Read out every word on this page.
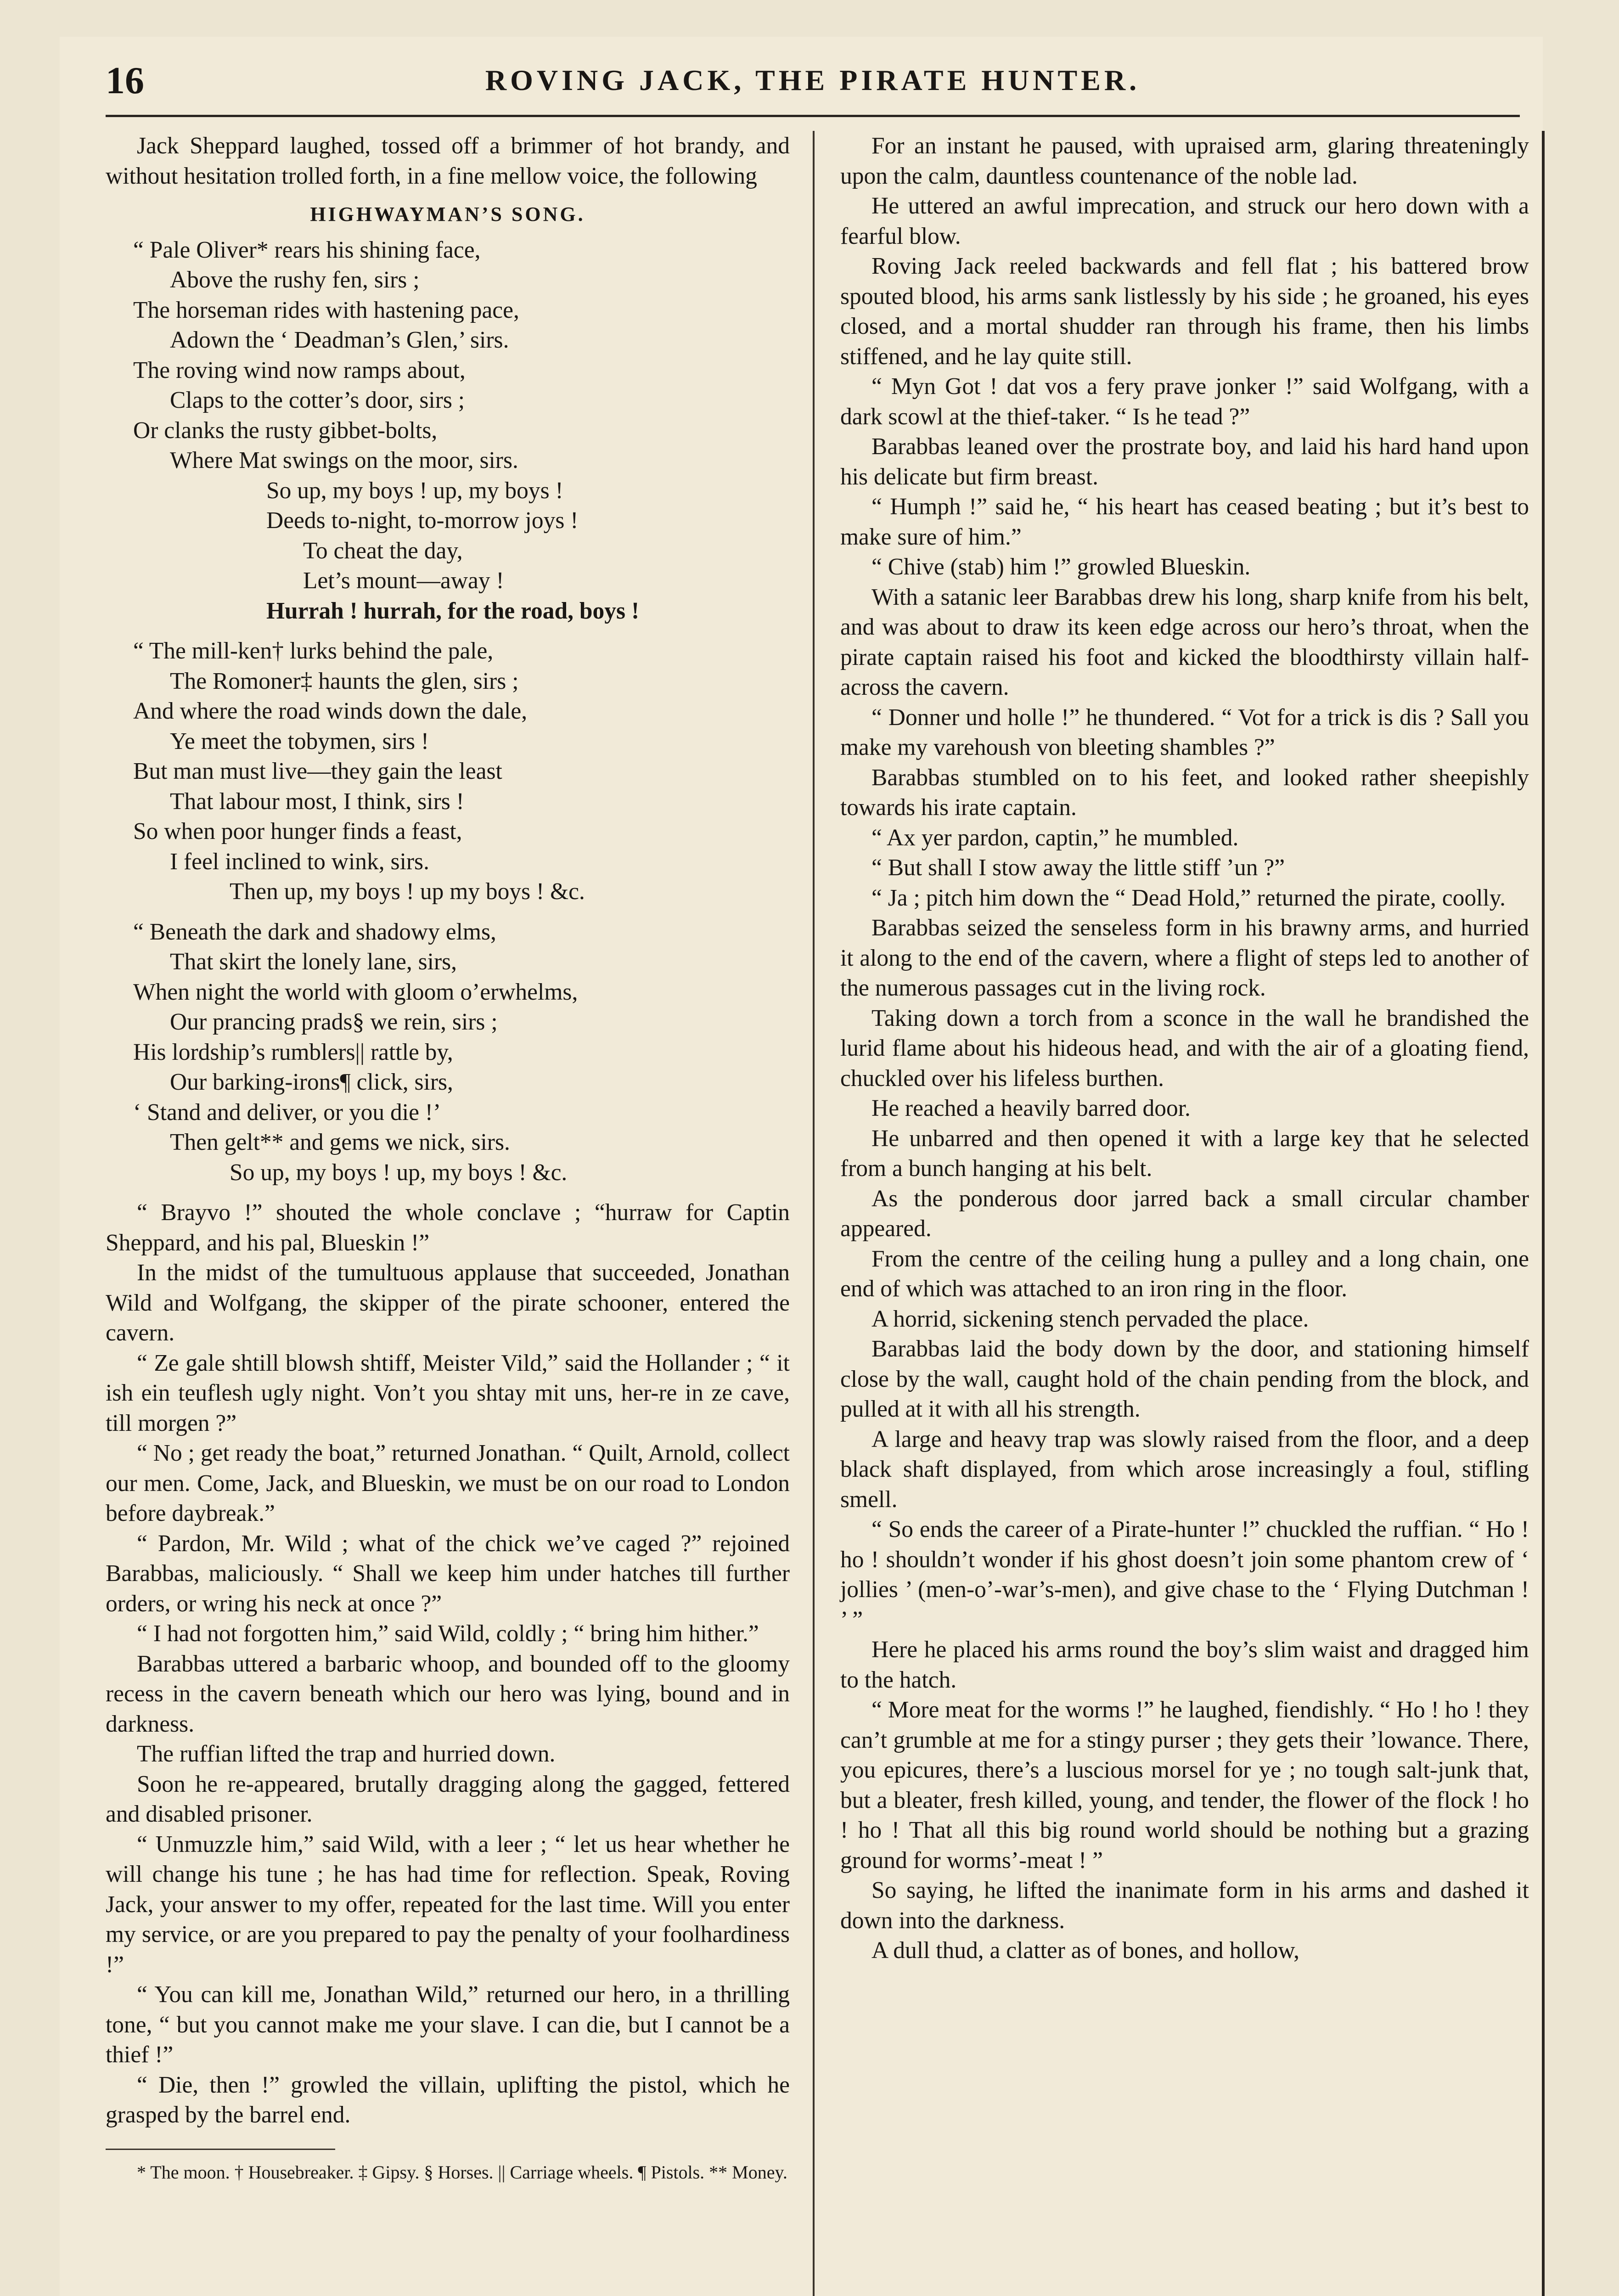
16	ROVING JACK, THE PIRATE HUNTER.

Jack Sheppard laughed, tossed off a brimmer of hot brandy, and without hesitation trolled forth, in a fine mellow voice, the following

HIGHWAYMAN’S SONG.
“ Pale Oliver* rears his shining face,
Above the rushy fen, sirs ;
The horseman rides with hastening pace,
Adown the ‘ Deadman’s Glen,’ sirs.
The roving wind now ramps about,
Claps to the cotter’s door, sirs ;
Or clanks the rusty gibbet-bolts,
Where Mat swings on the moor, sirs.
So up, my boys ! up, my boys !
Deeds to-night, to-morrow joys !
To cheat the day,
Let’s mount—away !
Hurrah ! hurrah, for the road, boys !
“ The mill-ken† lurks behind the pale,
The Romoner‡ haunts the glen, sirs ;
And where the road winds down the dale,
Ye meet the tobymen, sirs !
But man must live—they gain the least
That labour most, I think, sirs !
So when poor hunger finds a feast,
I feel inclined to wink, sirs.
Then up, my boys ! up my boys ! &c.
“ Beneath the dark and shadowy elms,
That skirt the lonely lane, sirs,
When night the world with gloom o’erwhelms,
Our prancing prads§ we rein, sirs ;
His lordship’s rumblers|| rattle by,
Our barking-irons¶ click, sirs,
‘ Stand and deliver, or you die !’
Then gelt** and gems we nick, sirs.
So up, my boys ! up, my boys ! &c.

“ Brayvo !” shouted the whole conclave ; “hurraw for Captin Sheppard, and his pal, Blueskin !”

In the midst of the tumultuous applause that succeeded, Jonathan Wild and Wolfgang, the skipper of the pirate schooner, entered the cavern.

“ Ze gale shtill blowsh shtiff, Meister Vild,” said the Hollander ; “ it ish ein teuflesh ugly night. Von’t you shtay mit uns, her-re in ze cave, till morgen ?”

“ No ; get ready the boat,” returned Jonathan. “ Quilt, Arnold, collect our men. Come, Jack, and Blueskin, we must be on our road to London before daybreak.”

“ Pardon, Mr. Wild ; what of the chick we’ve caged ?” rejoined Barabbas, maliciously. “ Shall we keep him under hatches till further orders, or wring his neck at once ?”

“ I had not forgotten him,” said Wild, coldly ; “ bring him hither.”

Barabbas uttered a barbaric whoop, and bounded off to the gloomy recess in the cavern beneath which our hero was lying, bound and in darkness.

The ruffian lifted the trap and hurried down.

Soon he re-appeared, brutally dragging along the gagged, fettered and disabled prisoner.

“ Unmuzzle him,” said Wild, with a leer ; “ let us hear whether he will change his tune ; he has had time for reflection. Speak, Roving Jack, your answer to my offer, repeated for the last time. Will you enter my service, or are you prepared to pay the penalty of your foolhardiness !”

“ You can kill me, Jonathan Wild,” returned our hero, in a thrilling tone, “ but you cannot make me your slave. I can die, but I cannot be a thief !”

“ Die, then !” growled the villain, uplifting the pistol, which he grasped by the barrel end.

* The moon. † Housebreaker. ‡ Gipsy. § Horses. || Carriage wheels. ¶ Pistols. ** Money.

For an instant he paused, with upraised arm, glaring threateningly upon the calm, dauntless countenance of the noble lad.

He uttered an awful imprecation, and struck our hero down with a fearful blow.

Roving Jack reeled backwards and fell flat ; his battered brow spouted blood, his arms sank listlessly by his side ; he groaned, his eyes closed, and a mortal shudder ran through his frame, then his limbs stiffened, and he lay quite still.

“ Myn Got ! dat vos a fery prave jonker !” said Wolfgang, with a dark scowl at the thief-taker. “ Is he tead ?”

Barabbas leaned over the prostrate boy, and laid his hard hand upon his delicate but firm breast.

“ Humph !” said he, “ his heart has ceased beating ; but it’s best to make sure of him.”

“ Chive (stab) him !” growled Blueskin.

With a satanic leer Barabbas drew his long, sharp knife from his belt, and was about to draw its keen edge across our hero’s throat, when the pirate captain raised his foot and kicked the bloodthirsty villain half-across the cavern.

“ Donner und holle !” he thundered. “ Vot for a trick is dis ? Sall you make my varehoush von bleeting shambles ?”

Barabbas stumbled on to his feet, and looked rather sheepishly towards his irate captain.

“ Ax yer pardon, captin,” he mumbled.

“ But shall I stow away the little stiff ’un ?”

“ Ja ; pitch him down the “ Dead Hold,” returned the pirate, coolly.

Barabbas seized the senseless form in his brawny arms, and hurried it along to the end of the cavern, where a flight of steps led to another of the numerous passages cut in the living rock.

Taking down a torch from a sconce in the wall he brandished the lurid flame about his hideous head, and with the air of a gloating fiend, chuckled over his lifeless burthen.

He reached a heavily barred door.

He unbarred and then opened it with a large key that he selected from a bunch hanging at his belt.

As the ponderous door jarred back a small circular chamber appeared.

From the centre of the ceiling hung a pulley and a long chain, one end of which was attached to an iron ring in the floor.

A horrid, sickening stench pervaded the place.

Barabbas laid the body down by the door, and stationing himself close by the wall, caught hold of the chain pending from the block, and pulled at it with all his strength.

A large and heavy trap was slowly raised from the floor, and a deep black shaft displayed, from which arose increasingly a foul, stifling smell.

“ So ends the career of a Pirate-hunter !” chuckled the ruffian. “ Ho ! ho ! shouldn’t wonder if his ghost doesn’t join some phantom crew of ‘ jollies ’ (men-o’-war’s-men), and give chase to the ‘ Flying Dutchman ! ’ ”

Here he placed his arms round the boy’s slim waist and dragged him to the hatch.

“ More meat for the worms !” he laughed, fiendishly. “ Ho ! ho ! they can’t grumble at me for a stingy purser ; they gets their ’lowance. There, you epicures, there’s a luscious morsel for ye ; no tough salt-junk that, but a bleater, fresh killed, young, and tender, the flower of the flock ! ho ! ho ! That all this big round world should be nothing but a grazing ground for worms’-meat ! ”

So saying, he lifted the inanimate form in his arms and dashed it down into the darkness.

A dull thud, a clatter as of bones, and hollow,
